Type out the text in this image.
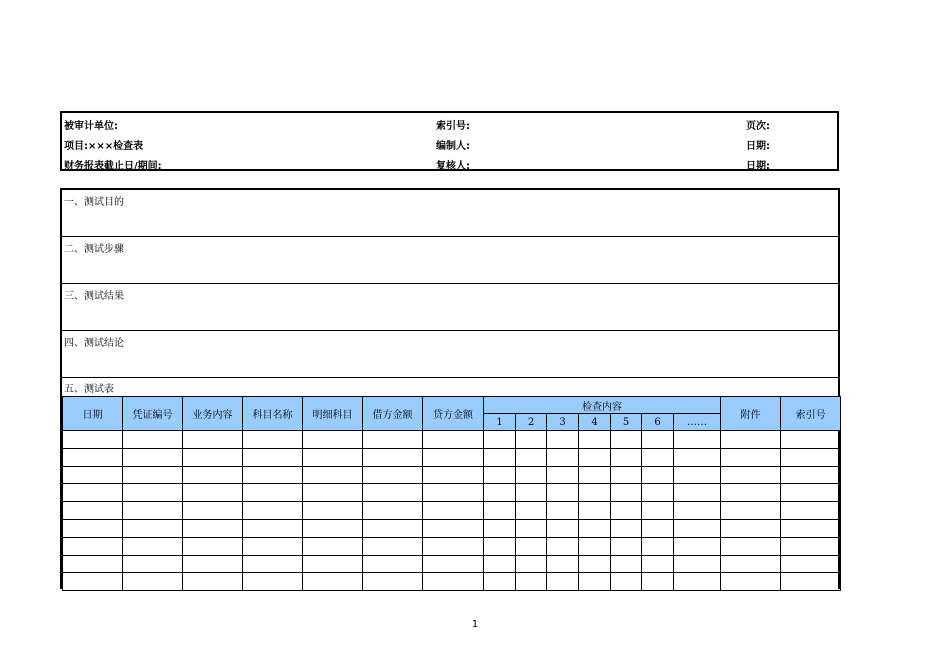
被审计单位:	索引号:	页次:
项目:×××检查表	编制人:	日期:
财务报表截止日/期间:	复核人:	日期:
一、测试目的
二、测试步骤
三、测试结果
四、测试结论
五、测试表
日期	凭证编号	业务内容	科目名称	明细科目	借方金额	贷方金额	检查内容							附件	索引号
							1	2	3	4	5	6	……		

1
